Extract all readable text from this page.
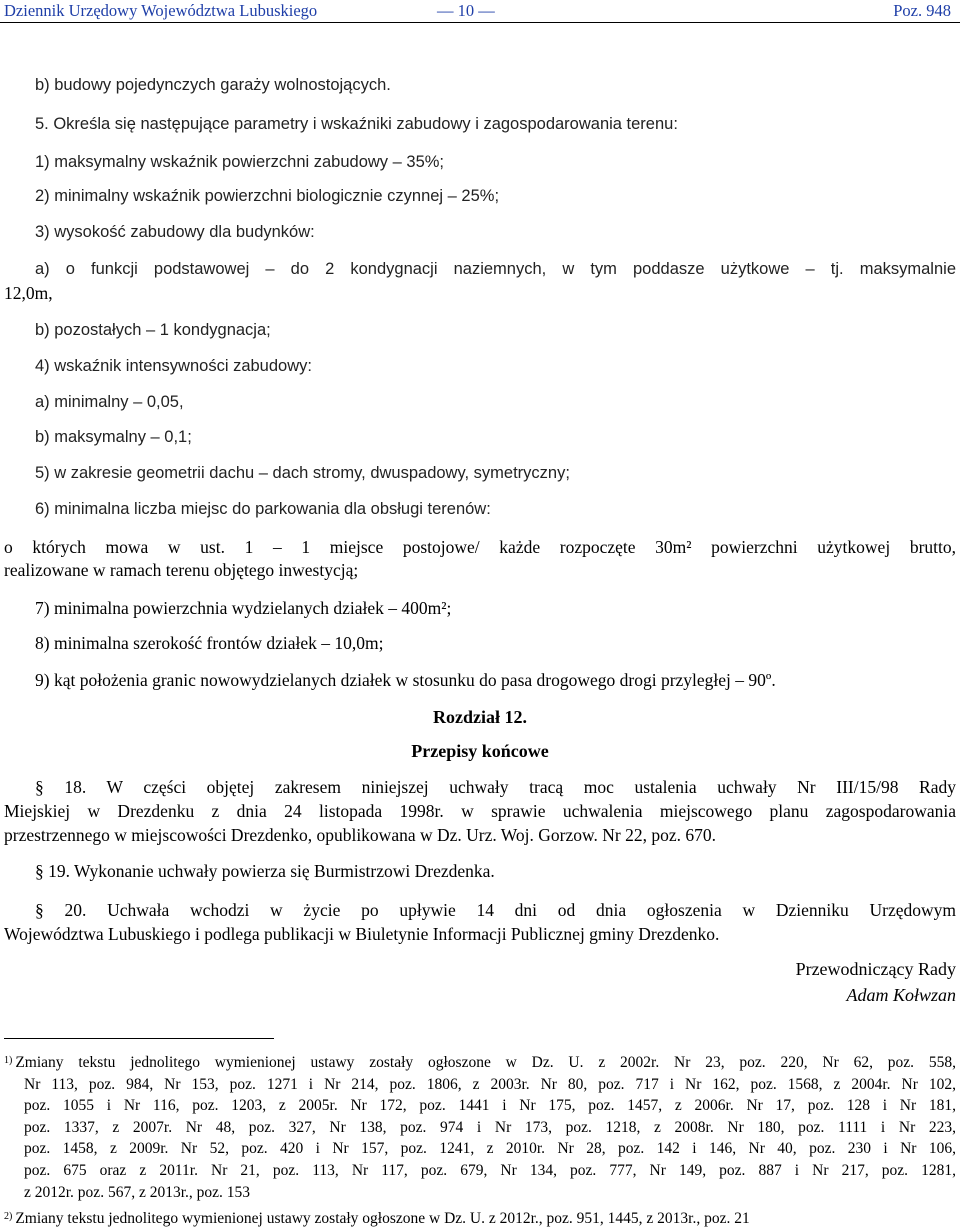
Dziennik Urzędowy Województwa Lubuskiego	— 10 —	Poz. 948
b) budowy pojedynczych garaży wolnostojących.
5. Określa się następujące parametry i wskaźniki zabudowy i zagospodarowania terenu:
1) maksymalny wskaźnik powierzchni zabudowy – 35%;
2) minimalny wskaźnik powierzchni biologicznie czynnej – 25%;
3) wysokość zabudowy dla budynków:
a) o funkcji podstawowej – do 2 kondygnacji naziemnych, w tym poddasze użytkowe – tj. maksymalnie
12,0m,
b) pozostałych – 1 kondygnacja;
4) wskaźnik intensywności zabudowy:
a) minimalny – 0,05,
b) maksymalny – 0,1;
5) w zakresie geometrii dachu – dach stromy, dwuspadowy, symetryczny;
6) minimalna liczba miejsc do parkowania dla obsługi terenów:
o których mowa w ust. 1 – 1 miejsce postojowe/ każde rozpoczęte 30m² powierzchni użytkowej brutto,
realizowane w ramach terenu objętego inwestycją;
7) minimalna powierzchnia wydzielanych działek – 400m²;
8) minimalna szerokość frontów działek – 10,0m;
9) kąt położenia granic nowowydzielanych działek w stosunku do pasa drogowego drogi przyległej – 90º.
Rozdział 12.
Przepisy końcowe

§ 18. W części objętej zakresem niniejszej uchwały tracą moc ustalenia uchwały Nr III/15/98 Rady

Miejskiej w Drezdenku z dnia 24 listopada 1998r. w sprawie uchwalenia miejscowego planu zagospodarowania

przestrzennego w miejscowości Drezdenko, opublikowana w Dz. Urz. Woj. Gorzow. Nr 22, poz. 670.

§ 19. Wykonanie uchwały powierza się Burmistrzowi Drezdenka.

§ 20. Uchwała wchodzi w życie po upływie 14 dni od dnia ogłoszenia w Dzienniku Urzędowym

Województwa Lubuskiego i podlega publikacji w Biuletynie Informacji Publicznej gminy Drezdenko.

Przewodniczący Rady
Adam Kołwzan

$^{1)}$ Zmiany tekstu jednolitego wymienionej ustawy zostały ogłoszone w Dz. U. z 2002r. Nr 23, poz. 220, Nr 62, poz. 558,

Nr 113, poz. 984, Nr 153, poz. 1271 i Nr 214, poz. 1806, z 2003r. Nr 80, poz. 717 i Nr 162, poz. 1568, z 2004r. Nr 102,

poz. 1055 i Nr 116, poz. 1203, z 2005r. Nr 172, poz. 1441 i Nr 175, poz. 1457, z 2006r. Nr 17, poz. 128 i Nr 181,

poz. 1337, z 2007r. Nr 48, poz. 327, Nr 138, poz. 974 i Nr 173, poz. 1218, z 2008r. Nr 180, poz. 1111 i Nr 223,

poz. 1458, z 2009r. Nr 52, poz. 420 i Nr 157, poz. 1241, z 2010r. Nr 28, poz. 142 i 146, Nr 40, poz. 230 i Nr 106,

poz. 675 oraz z 2011r. Nr 21, poz. 113, Nr 117, poz. 679, Nr 134, poz. 777, Nr 149, poz. 887 i Nr 217, poz. 1281,

z 2012r. poz. 567, z 2013r., poz. 153

$^{2)}$ Zmiany tekstu jednolitego wymienionej ustawy zostały ogłoszone w Dz. U. z 2012r., poz. 951, 1445, z 2013r., poz. 21
